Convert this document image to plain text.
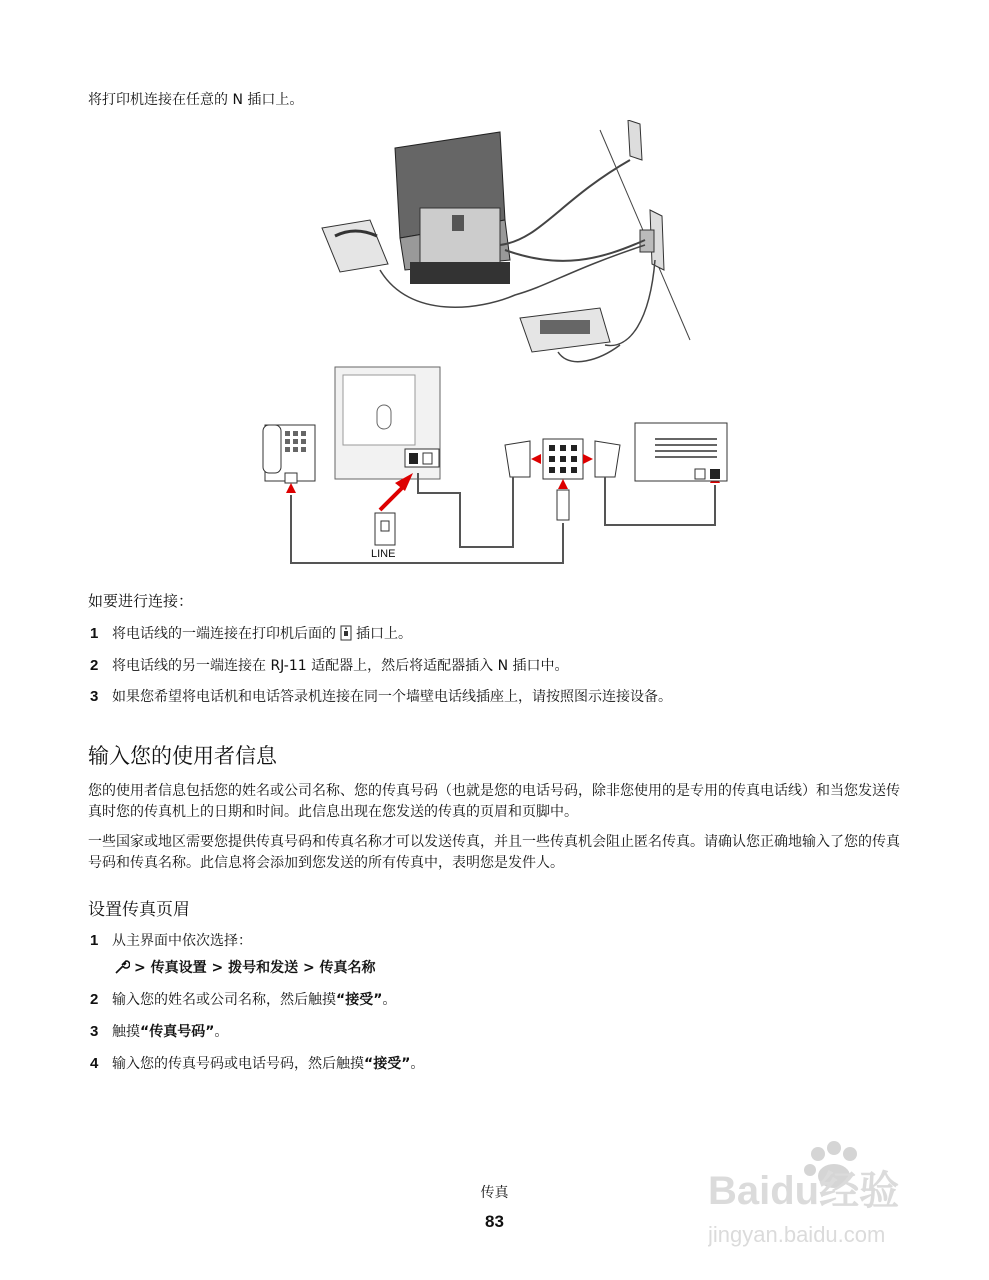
将打印机连接在任意的 N 插口上。
LINE
如要进行连接：
1 将电话线的一端连接在打印机后面的 插口上。
2 将电话线的另一端连接在 RJ-11 适配器上，然后将适配器插入 N 插口中。
3 如果您希望将电话机和电话答录机连接在同一个墙壁电话线插座上，请按照图示连接设备。
输入您的使用者信息

您的使用者信息包括您的姓名或公司名称、您的传真号码（也就是您的电话号码，除非您使用的是专用的传真电话线）和当您发送传真时您的传真机上的日期和时间。此信息出现在您发送的传真的页眉和页脚中。

一些国家或地区需要您提供传真号码和传真名称才可以发送传真，并且一些传真机会阻止匿名传真。请确认您正确地输入了您的传真号码和传真名称。此信息将会添加到您发送的所有传真中，表明您是发件人。

设置传真页眉
1 从主界面中依次选择：
> 传真设置 > 拨号和发送 > 传真名称
2 输入您的姓名或公司名称，然后触摸 “接受” 。
3 触摸 “传真号码” 。
4 输入您的传真号码或电话号码，然后触摸 “接受” 。
传真
83
Baidu经验
jingyan.baidu.com
